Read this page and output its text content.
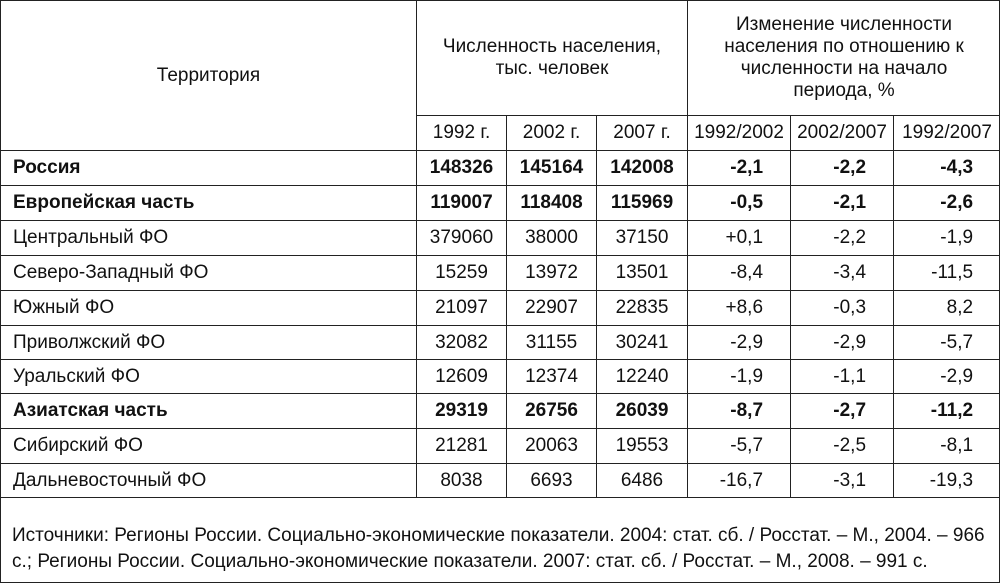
Территория	Численность населения, тыс. человек			Изменение численности населения по отношению к численности на начало периода, %		
	1992 г.	2002 г.	2007 г.	1992/2002	2002/2007	1992/2007
Россия	148326	145164	142008	-2,1	-2,2	-4,3
Европейская часть	119007	118408	115969	-0,5	-2,1	-2,6
Центральный ФО	379060	38000	37150	+0,1	-2,2	-1,9
Северо-Западный ФО	15259	13972	13501	-8,4	-3,4	-11,5
Южный ФО	21097	22907	22835	+8,6	-0,3	8,2
Приволжский ФО	32082	31155	30241	-2,9	-2,9	-5,7
Уральский ФО	12609	12374	12240	-1,9	-1,1	-2,9
Азиатская часть	29319	26756	26039	-8,7	-2,7	-11,2
Сибирский ФО	21281	20063	19553	-5,7	-2,5	-8,1
Дальневосточный ФО	8038	6693	6486	-16,7	-3,1	-19,3
Источники: Регионы России. Социально-экономические показатели. 2004: стат. сб. / Росстат. – М., 2004. – 966 с.; Регионы России. Социально-экономические показатели. 2007: стат. сб. / Росстат. – М., 2008. – 991 с.
